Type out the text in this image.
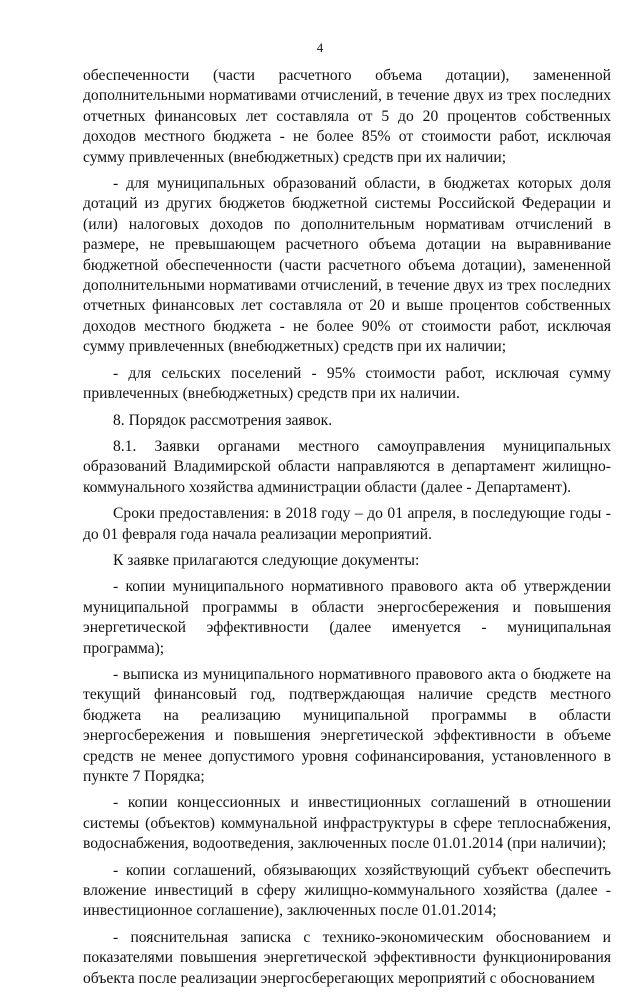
4

обеспеченности (части расчетного объема дотации), замененной дополнительными нормативами отчислений, в течение двух из трех последних отчетных финансовых лет составляла от 5 до 20 процентов собственных доходов местного бюджета - не более 85% от стоимости работ, исключая сумму привлеченных (внебюджетных) средств при их наличии;

- для муниципальных образований области, в бюджетах которых доля дотаций из других бюджетов бюджетной системы Российской Федерации и (или) налоговых доходов по дополнительным нормативам отчислений в размере, не превышающем расчетного объема дотации на выравнивание бюджетной обеспеченности (части расчетного объема дотации), замененной дополнительными нормативами отчислений, в течение двух из трех последних отчетных финансовых лет составляла от 20 и выше процентов собственных доходов местного бюджета - не более 90% от стоимости работ, исключая сумму привлеченных (внебюджетных) средств при их наличии;

- для сельских поселений - 95% стоимости работ, исключая сумму привлеченных (внебюджетных) средств при их наличии.

8. Порядок рассмотрения заявок.

8.1. Заявки органами местного самоуправления муниципальных образований Владимирской области направляются в департамент жилищно-коммунального хозяйства администрации области (далее - Департамент).

Сроки предоставления: в 2018 году – до 01 апреля, в последующие годы - до 01 февраля года начала реализации мероприятий.

К заявке прилагаются следующие документы:

- копии муниципального нормативного правового акта об утверждении муниципальной программы в области энергосбережения и повышения энергетической эффективности (далее именуется - муниципальная программа);

- выписка из муниципального нормативного правового акта о бюджете на текущий финансовый год, подтверждающая наличие средств местного бюджета на реализацию муниципальной программы в области энергосбережения и повышения энергетической эффективности в объеме средств не менее допустимого уровня софинансирования, установленного в пункте 7 Порядка;

- копии концессионных и инвестиционных соглашений в отношении системы (объектов) коммунальной инфраструктуры в сфере теплоснабжения, водоснабжения, водоотведения, заключенных после 01.01.2014 (при наличии);

- копии соглашений, обязывающих хозяйствующий субъект обеспечить вложение инвестиций в сферу жилищно-коммунального хозяйства (далее - инвестиционное соглашение), заключенных после 01.01.2014;

- пояснительная записка с технико-экономическим обоснованием и показателями повышения энергетической эффективности функционирования объекта после реализации энергосберегающих мероприятий с обоснованием
